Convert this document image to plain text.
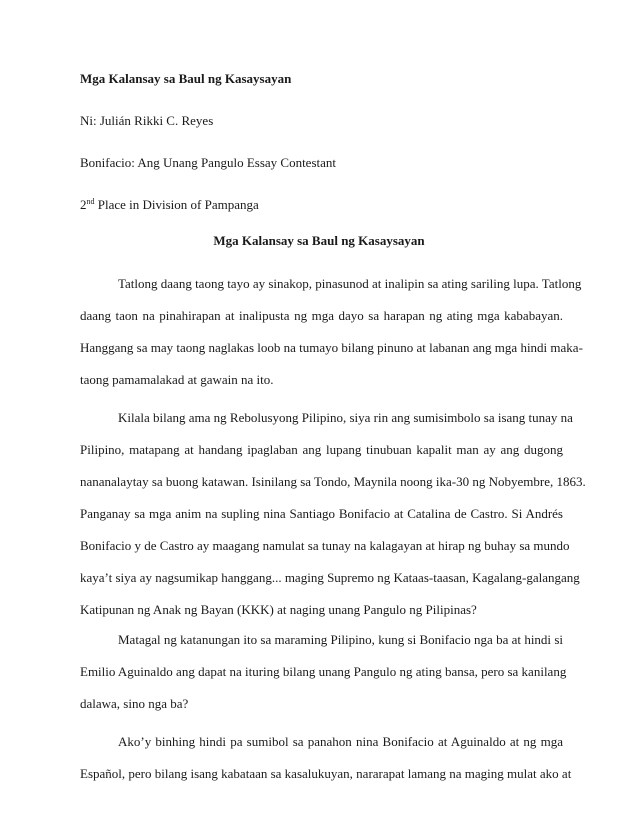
Mga Kalansay sa Baul ng Kasaysayan

Ni: Julián Rikki C. Reyes

Bonifacio: Ang Unang Pangulo Essay Contestant

2nd Place in Division of Pampanga

Mga Kalansay sa Baul ng Kasaysayan

Tatlong daang taong tayo ay sinakop, pinasunod at inalipin sa ating sariling lupa. Tatlong
daang taon na pinahirapan at inalipusta ng mga dayo sa harapan ng ating mga kababayan.
Hanggang sa may taong naglakas loob na tumayo bilang pinuno at labanan ang mga hindi maka-
taong pamamalakad at gawain na ito.
Kilala bilang ama ng Rebolusyong Pilipino, siya rin ang sumisimbolo sa isang tunay na
Pilipino, matapang at handang ipaglaban ang lupang tinubuan kapalit man ay ang dugong
nananalaytay sa buong katawan. Isinilang sa Tondo, Maynila noong ika-30 ng Nobyembre, 1863.
Panganay sa mga anim na supling nina Santiago Bonifacio at Catalina de Castro. Si Andrés
Bonifacio y de Castro ay maagang namulat sa tunay na kalagayan at hirap ng buhay sa mundo
kaya’t siya ay nagsumikap hanggang... maging Supremo ng Kataas-taasan, Kagalang-galangang
Katipunan ng Anak ng Bayan (KKK) at naging unang Pangulo ng Pilipinas?
Matagal ng katanungan ito sa maraming Pilipino, kung si Bonifacio nga ba at hindi si
Emilio Aguinaldo ang dapat na ituring bilang unang Pangulo ng ating bansa, pero sa kanilang
dalawa, sino nga ba?
Ako’y binhing hindi pa sumibol sa panahon nina Bonifacio at Aguinaldo at ng mga
Español, pero bilang isang kabataan sa kasalukuyan, nararapat lamang na maging mulat ako at
